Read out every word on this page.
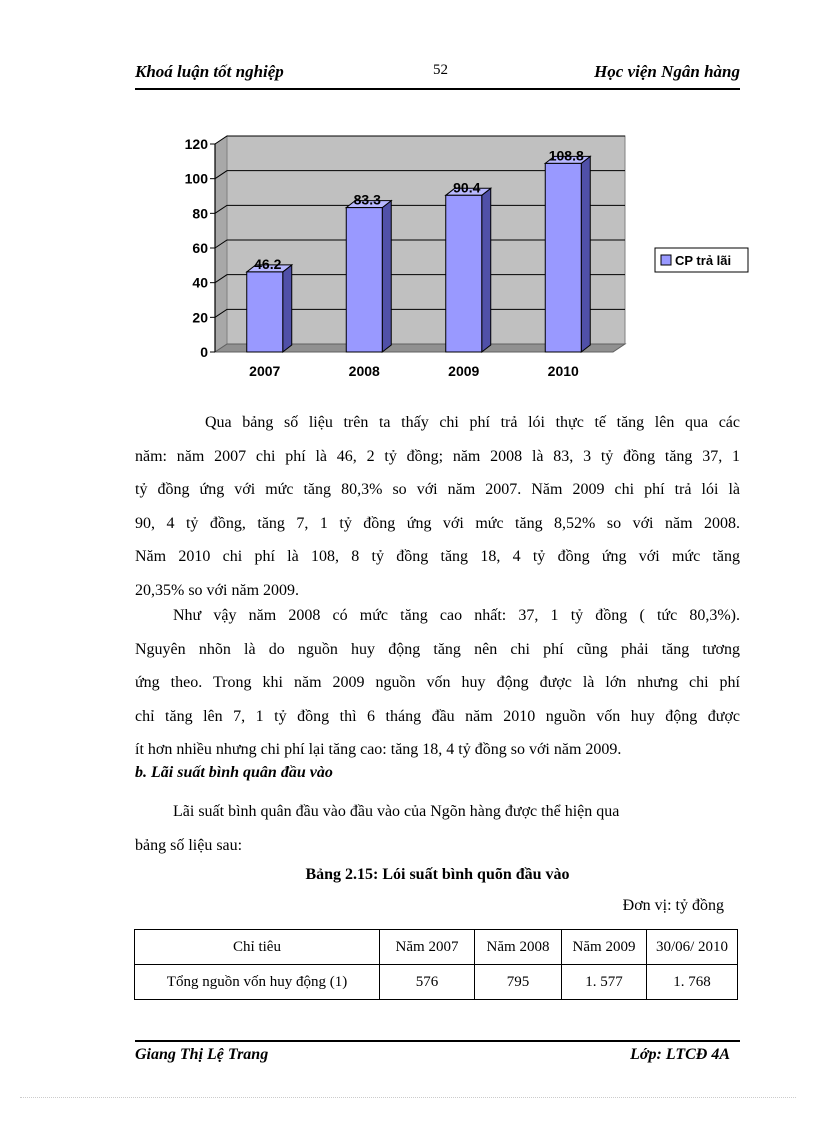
Khoá luận tốt nghiệp	52	Học viện Ngân hàng
0
20
40
60
80
100
120
46.2
2007
83.3
2008
90.4
2009
108.8
2010
CP trả lãi
Qua bảng số liệu trên ta thấy chi phí trả lói thực tế tăng lên qua các
năm: năm 2007 chi phí là 46, 2 tỷ đồng; năm 2008 là 83, 3 tỷ đồng tăng 37, 1
tỷ đồng ứng với mức tăng 80,3% so với năm 2007. Năm 2009 chi phí trả lói là
90, 4 tỷ đồng, tăng 7, 1 tỷ đồng ứng với mức tăng 8,52% so với năm 2008.
Năm 2010 chi phí là 108, 8 tỷ đồng tăng 18, 4 tỷ đồng ứng với mức tăng
20,35% so với năm 2009.
Như vậy năm 2008 có mức tăng cao nhất: 37, 1 tỷ đồng ( tức 80,3%).
Nguyên nhõn là do nguồn huy động tăng nên chi phí cũng phải tăng tương
ứng theo. Trong khi năm 2009 nguồn vốn huy động được là lớn nhưng chi phí
chỉ tăng lên 7, 1 tỷ đồng thì 6 tháng đầu năm 2010 nguồn vốn huy động được
ít hơn nhiều nhưng chi phí lại tăng cao: tăng 18, 4 tỷ đồng so với năm 2009.
b. Lãi suất bình quân đầu vào
Lãi suất bình quân đầu vào đầu vào của Ngõn hàng được thể hiện qua
bảng số liệu sau:
Bảng 2.15: Lói suất bình quõn đầu vào
Đơn vị: tỷ đồng
Chỉ tiêu	Năm 2007	Năm 2008	Năm 2009	30/06/ 2010
Tổng nguồn vốn huy động (1)	576	795	1. 577	1. 768
Giang Thị Lệ Trang	Lớp: LTCĐ 4A
